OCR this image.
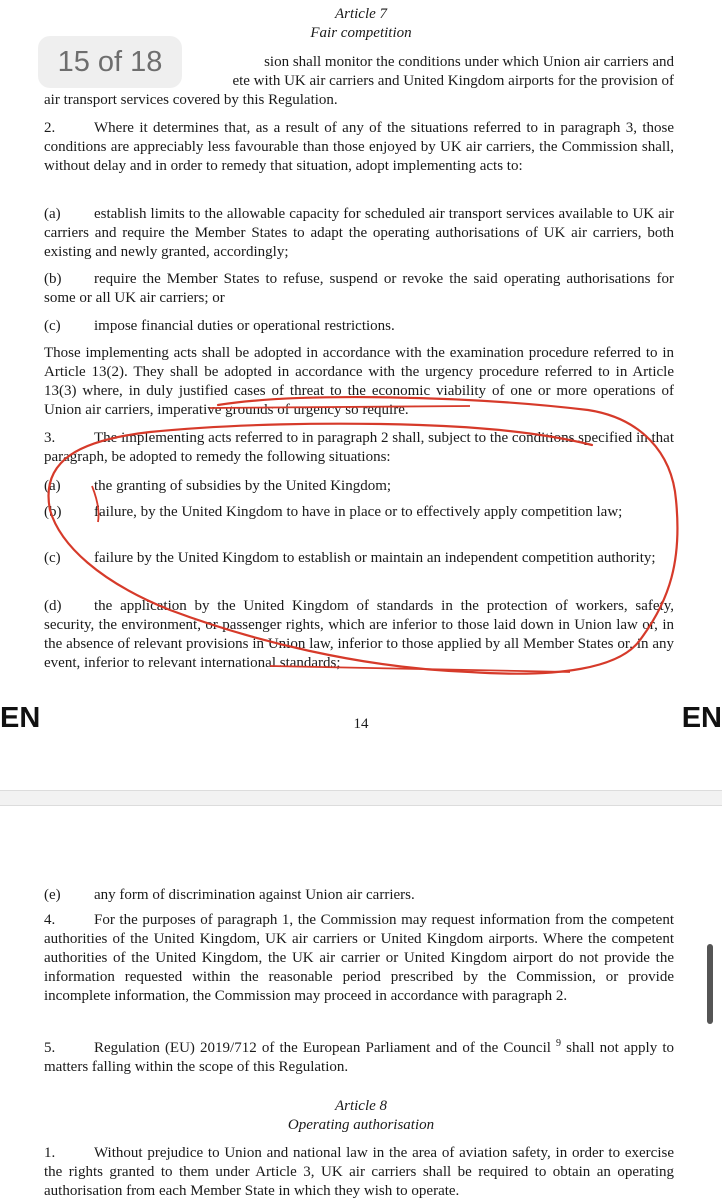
Article 7

Fair competition

sion shall monitor the conditions under which Union air carriers and

ete with UK air carriers and United Kingdom airports for the provision of

air transport services covered by this Regulation.

2.	Where it determines that, as a result of any of the situations referred to in paragraph 3, those conditions are appreciably less favourable than those enjoyed by UK air carriers, the Commission shall, without delay and in order to remedy that situation, adopt implementing acts to:

(a) establish limits to the allowable capacity for scheduled air transport services available to UK air carriers and require the Member States to adapt the operating authorisations of UK air carriers, both existing and newly granted, accordingly;

(b) require the Member States to refuse, suspend or revoke the said operating authorisations for some or all UK air carriers; or

(c) impose financial duties or operational restrictions.

Those implementing acts shall be adopted in accordance with the examination procedure referred to in Article 13(2). They shall be adopted in accordance with the urgency procedure referred to in Article 13(3) where, in duly justified cases of threat to the economic viability of one or more operations of Union air carriers, imperative grounds of urgency so require.

3.	The implementing acts referred to in paragraph 2 shall, subject to the conditions specified in that paragraph, be adopted to remedy the following situations:

(a) the granting of subsidies by the United Kingdom;

(b) failure, by the United Kingdom to have in place or to effectively apply competition law;

(c) failure by the United Kingdom to establish or maintain an independent competition authority;

(d) the application by the United Kingdom of standards in the protection of workers, safety, security, the environment, or passenger rights, which are inferior to those laid down in Union law or, in the absence of relevant provisions in Union law, inferior to those applied by all Member States or, in any event, inferior to relevant international standards;

15 of 18
EN	EN
14

(e) any form of discrimination against Union air carriers.

4.	For the purposes of paragraph 1, the Commission may request information from the competent authorities of the United Kingdom, UK air carriers or United Kingdom airports. Where the competent authorities of the United Kingdom, the UK air carrier or United Kingdom airport do not provide the information requested within the reasonable period prescribed by the Commission, or provide incomplete information, the Commission may proceed in accordance with paragraph 2.

5.	Regulation (EU) 2019/712 of the European Parliament and of the Council $^9$ shall not apply to matters falling within the scope of this Regulation.

Article 8

Operating authorisation

1.	Without prejudice to Union and national law in the area of aviation safety, in order to exercise the rights granted to them under Article 3, UK air carriers shall be required to obtain an operating authorisation from each Member State in which they wish to operate.
